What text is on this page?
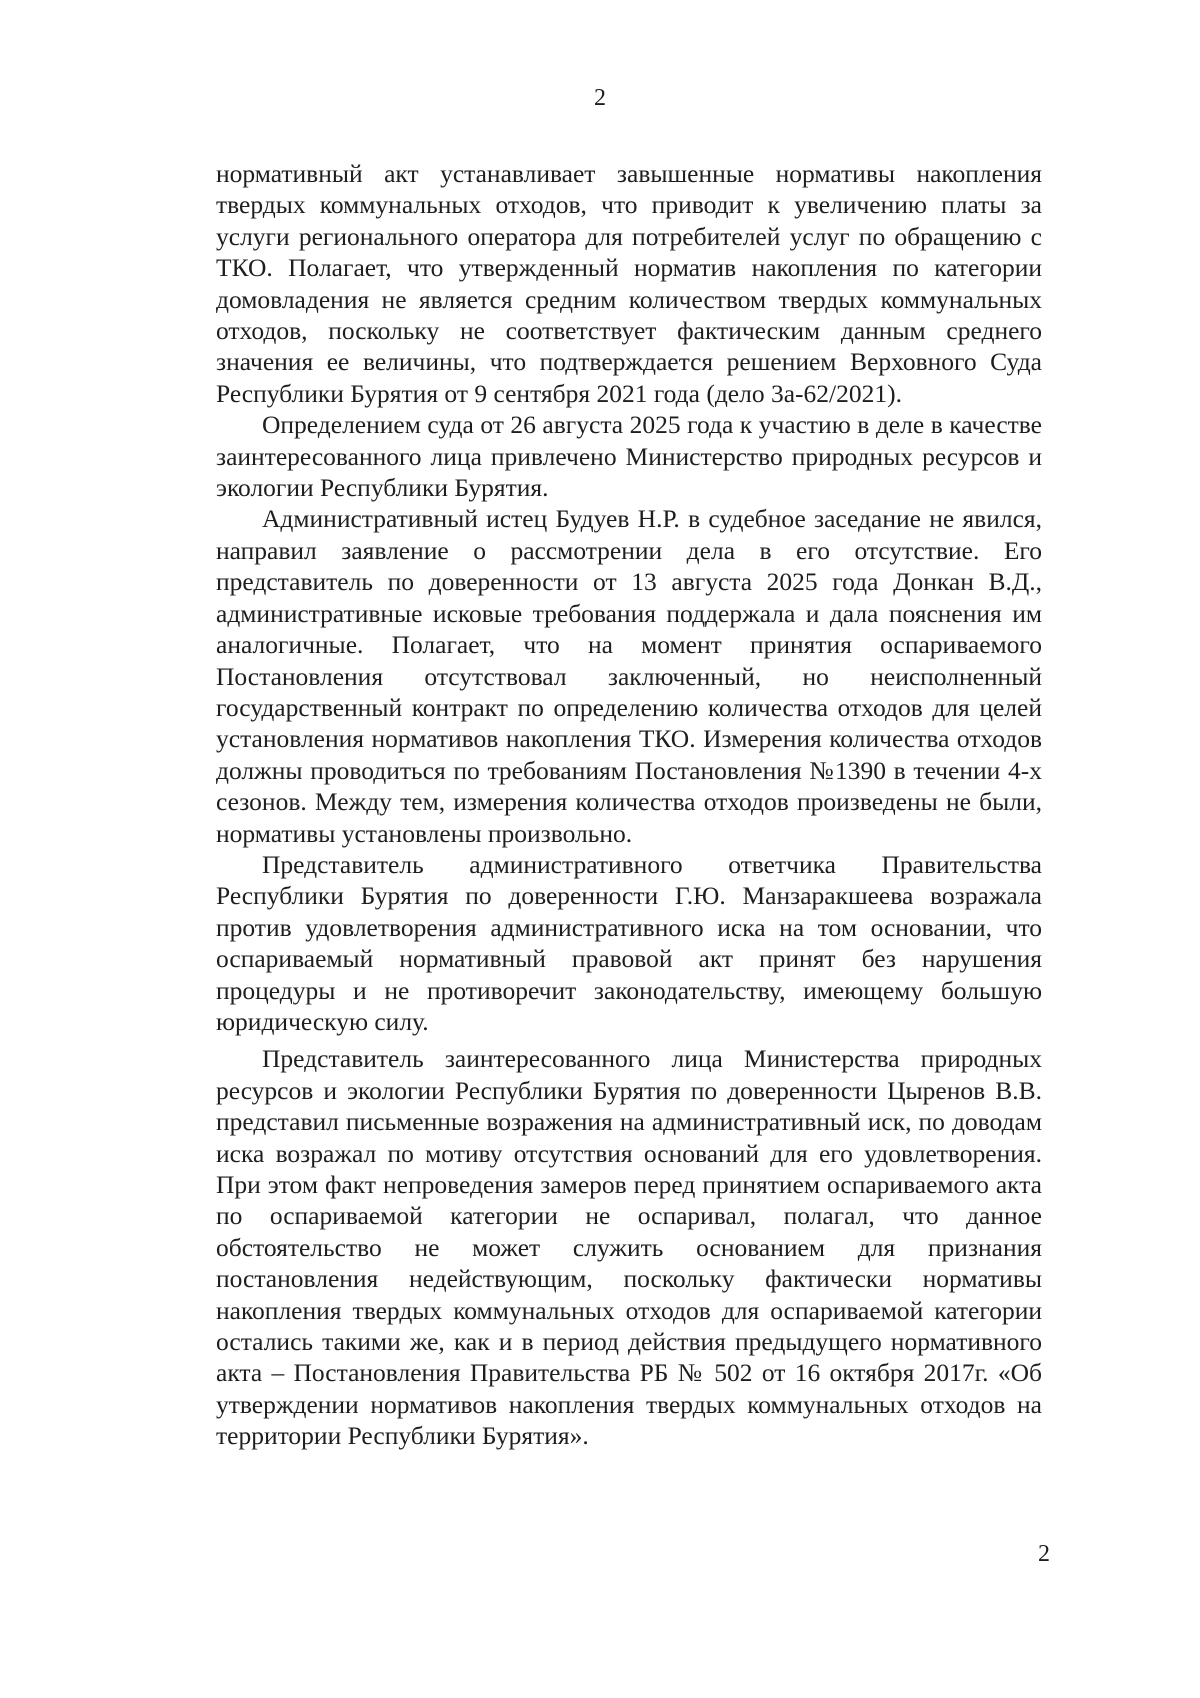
2

нормативный акт устанавливает завышенные нормативы накопления твердых коммунальных отходов, что приводит к увеличению платы за услуги регионального оператора для потребителей услуг по обращению с ТКО. Полагает, что утвержденный норматив накопления по категории домовладения не является средним количеством твердых коммунальных отходов, поскольку не соответствует фактическим данным среднего значения ее величины, что подтверждается решением Верховного Суда Республики Бурятия от 9 сентября 2021 года (дело 3а-62/2021).

Определением суда от 26 августа 2025 года к участию в деле в качестве заинтересованного лица привлечено Министерство природных ресурсов и экологии Республики Бурятия.

Административный истец Будуев Н.Р. в судебное заседание не явился, направил заявление о рассмотрении дела в его отсутствие. Его представитель по доверенности от 13 августа 2025 года Донкан В.Д., административные исковые требования поддержала и дала пояснения им аналогичные. Полагает, что на момент принятия оспариваемого Постановления отсутствовал заключенный, но неисполненный государственный контракт по определению количества отходов для целей установления нормативов накопления ТКО. Измерения количества отходов должны проводиться по требованиям Постановления №1390 в течении 4-х сезонов. Между тем, измерения количества отходов произведены не были, нормативы установлены произвольно.

Представитель административного ответчика Правительства Республики Бурятия по доверенности Г.Ю. Манзаракшеева возражала против удовлетворения административного иска на том основании, что оспариваемый нормативный правовой акт принят без нарушения процедуры и не противоречит законодательству, имеющему большую юридическую силу.

Представитель заинтересованного лица Министерства природных ресурсов и экологии Республики Бурятия по доверенности Цыренов В.В. представил письменные возражения на административный иск, по доводам иска возражал по мотиву отсутствия оснований для его удовлетворения. При этом факт непроведения замеров перед принятием оспариваемого акта по оспариваемой категории не оспаривал, полагал, что данное обстоятельство не может служить основанием для признания постановления недействующим, поскольку фактически нормативы накопления твердых коммунальных отходов для оспариваемой категории остались такими же, как и в период действия предыдущего нормативного акта – Постановления Правительства РБ № 502 от 16 октября 2017г. «Об утверждении нормативов накопления твердых коммунальных отходов на территории Республики Бурятия».

2
